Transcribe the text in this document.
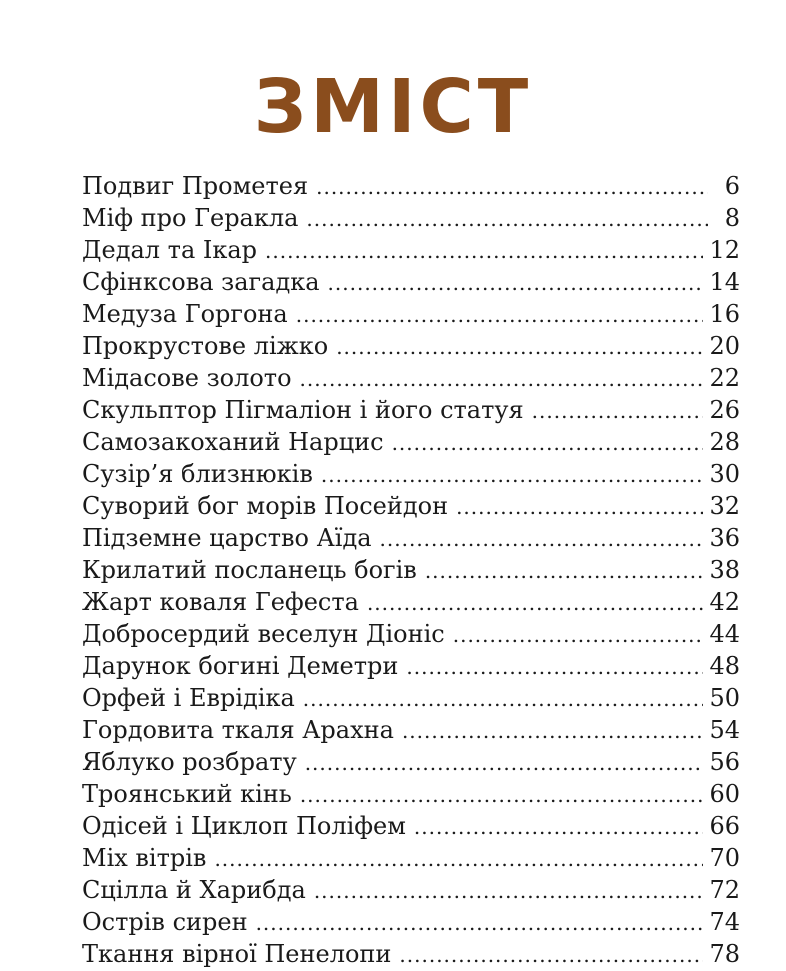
ЗМІСТ
Подвиг Прометея .....	6
Міф про Геракла .....	8
Дедал та Ікар .....	12
Сфінксова загадка .....	14
Медуза Горгона .....	16
Прокрустове ліжко .....	20
Мідасове золото .....	22
Скульптор Пігмаліон і його статуя .....	26
Самозакоханий Нарцис .....	28
Сузір’я близнюків .....	30
Суворий бог морів Посейдон .....	32
Підземне царство Аїда .....	36
Крилатий посланець богів .....	38
Жарт коваля Гефеста .....	42
Добросердий веселун Діоніс .....	44
Дарунок богині Деметри .....	48
Орфей і Еврідіка .....	50
Гордовита ткаля Арахна .....	54
Яблуко розбрату .....	56
Троянський кінь .....	60
Одісей і Циклоп Поліфем .....	66
Міх вітрів .....	70
Сцілла й Харибда .....	72
Острів сирен .....	74
Ткання вірної Пенелопи .....	78
